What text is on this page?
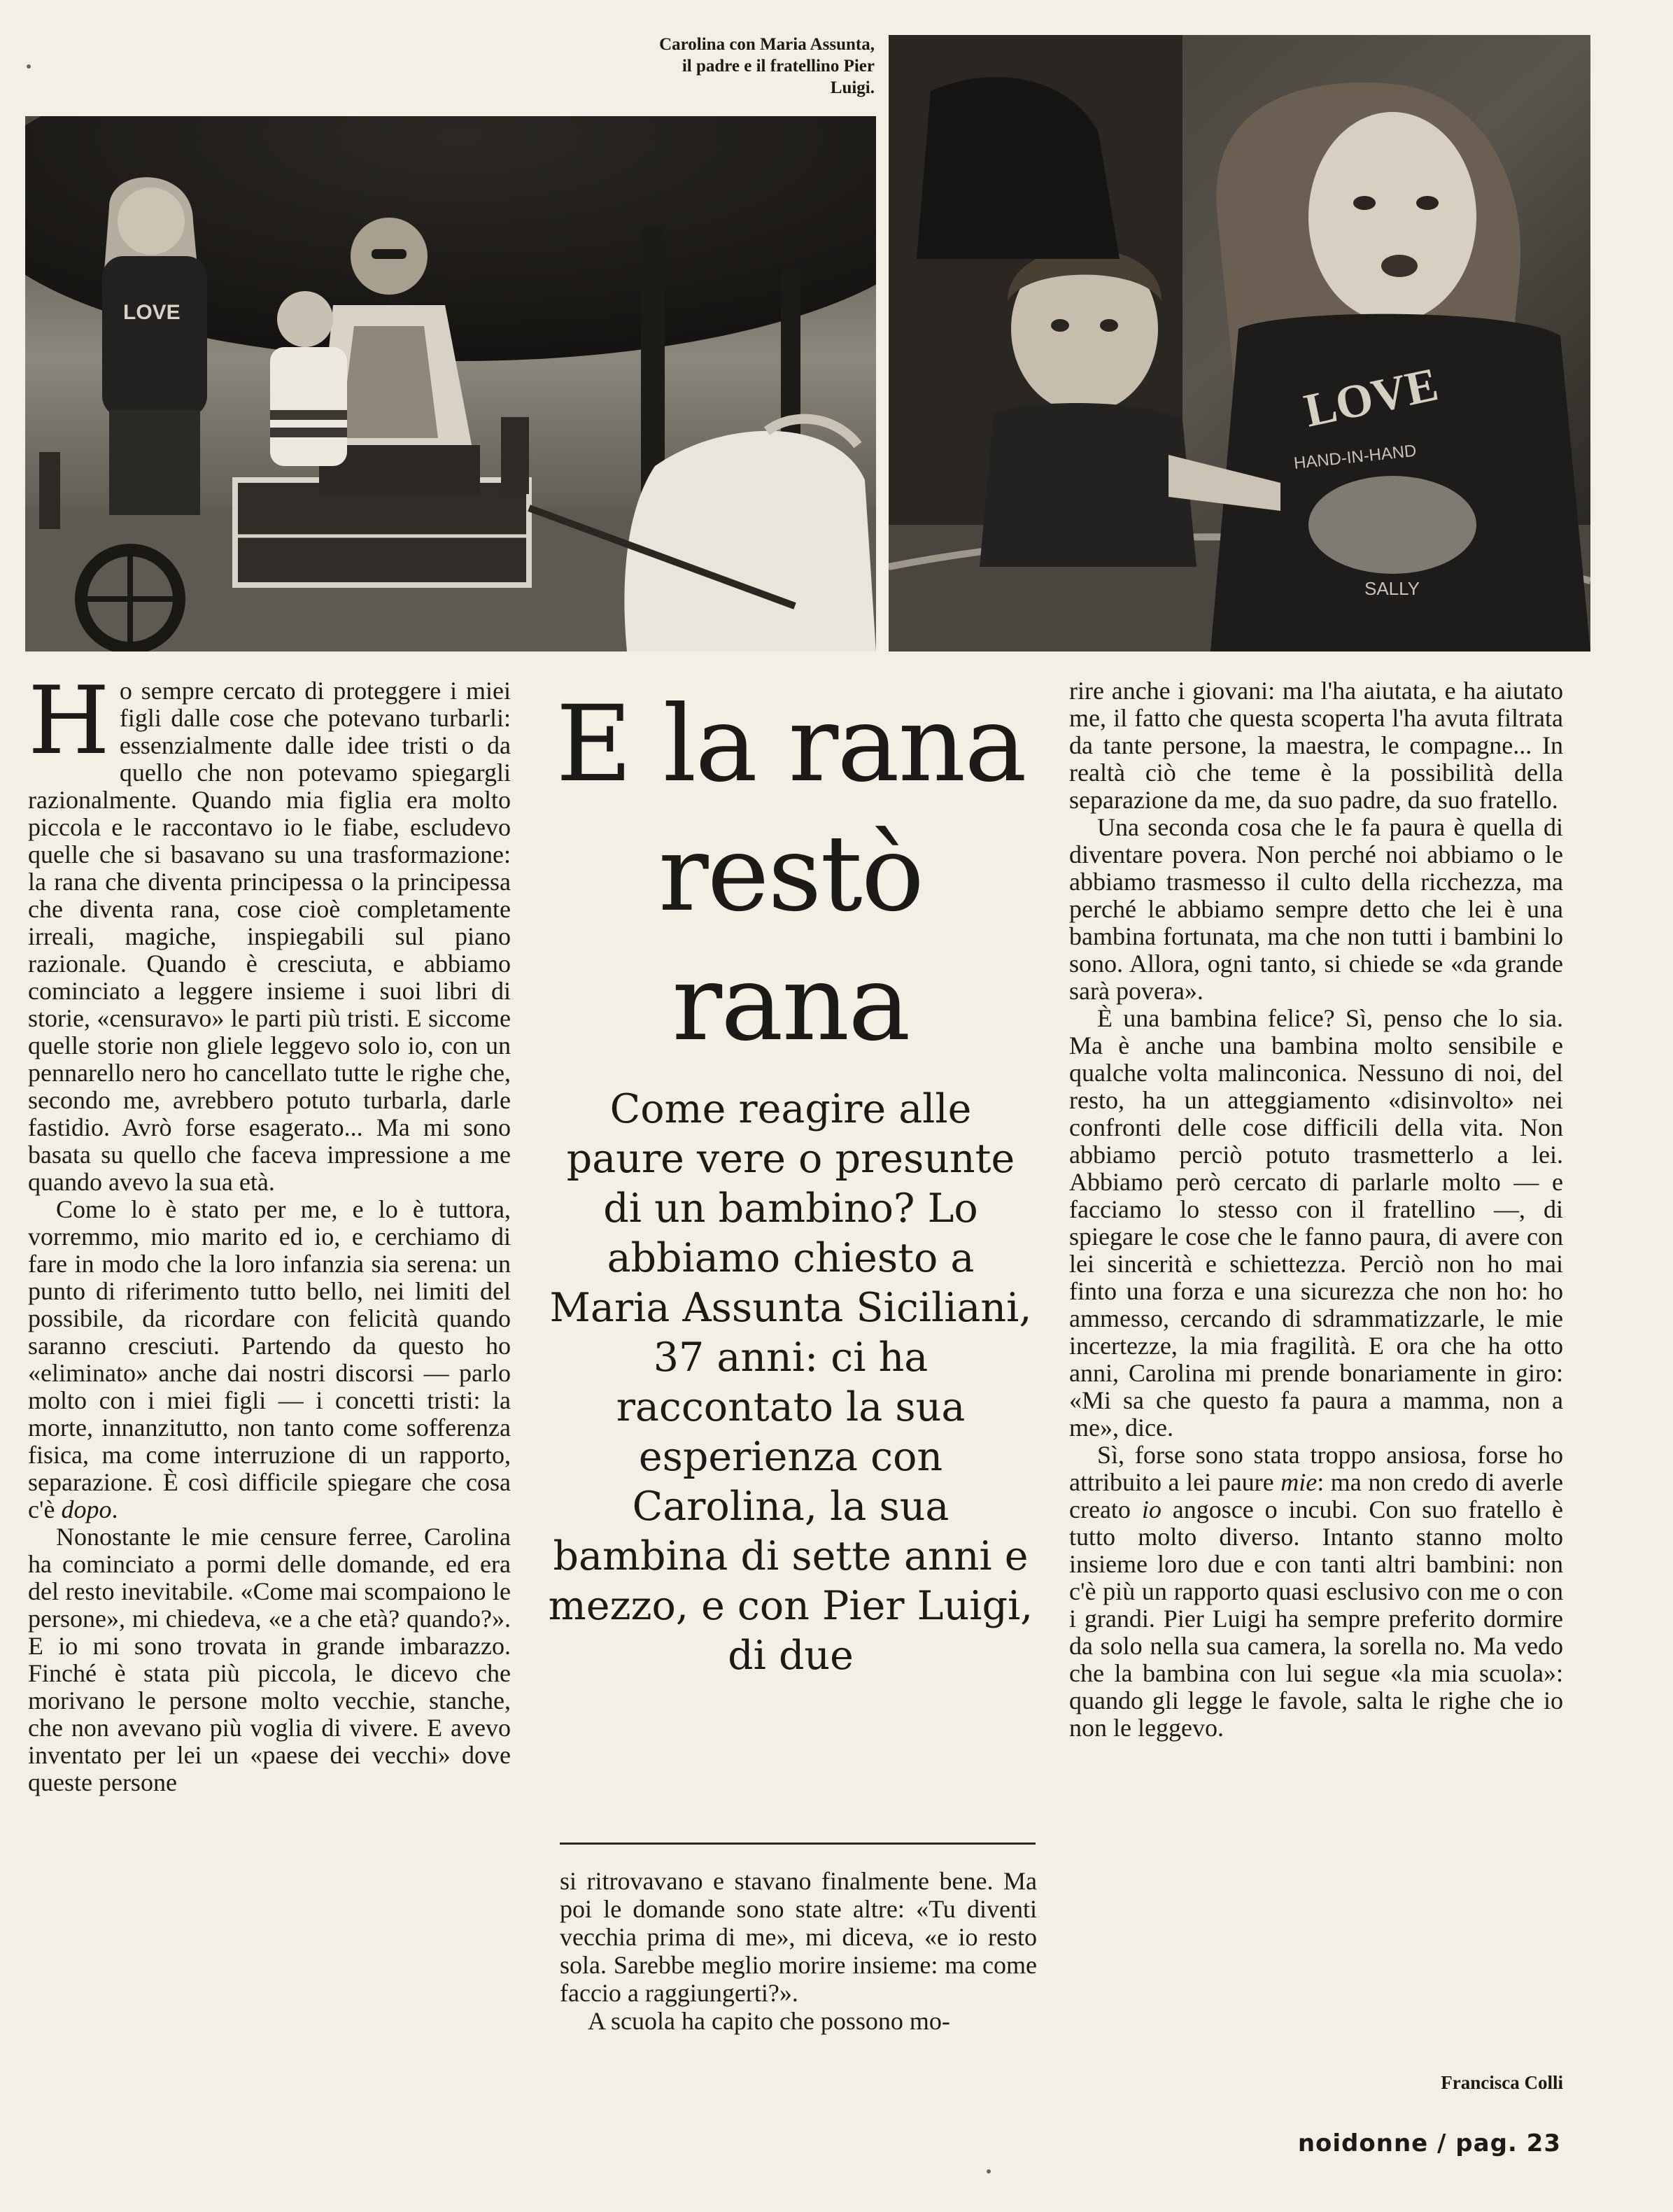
Carolina con Maria Assunta, il padre e il fratellino Pier Luigi.
LOVE
LOVE
HAND-IN-HAND
SALLY

Ho sempre cercato di proteggere i miei figli dalle cose che potevano turbarli: essenzialmente dalle idee tristi o da quello che non potevamo spiegargli razionalmente. Quando mia figlia era molto piccola e le raccontavo io le fiabe, escludevo quelle che si basavano su una trasformazione: la rana che diventa principessa o la principessa che diventa rana, cose cioè completamente irreali, magiche, inspiegabili sul piano razionale. Quando è cresciuta, e abbiamo cominciato a leggere insieme i suoi libri di storie, «censuravo» le parti più tristi. E siccome quelle storie non gliele leggevo solo io, con un pennarello nero ho cancellato tutte le righe che, secondo me, avrebbero potuto turbarla, darle fastidio. Avrò forse esagerato... Ma mi sono basata su quello che faceva impressione a me quando avevo la sua età.

Come lo è stato per me, e lo è tuttora, vorremmo, mio marito ed io, e cerchiamo di fare in modo che la loro infanzia sia serena: un punto di riferimento tutto bello, nei limiti del possibile, da ricordare con felicità quando saranno cresciuti. Partendo da questo ho «eliminato» anche dai nostri discorsi — parlo molto con i miei figli — i concetti tristi: la morte, innanzitutto, non tanto come sofferenza fisica, ma come interruzione di un rapporto, separazione. È così difficile spiegare che cosa c'è dopo.

Nonostante le mie censure ferree, Carolina ha cominciato a pormi delle domande, ed era del resto inevitabile. «Come mai scompaiono le persone», mi chiedeva, «e a che età? quando?». E io mi sono trovata in grande imbarazzo. Finché è stata più piccola, le dicevo che morivano le persone molto vecchie, stanche, che non avevano più voglia di vivere. E avevo inventato per lei un «paese dei vecchi» dove queste persone

E la rana restò rana
Come reagire alle paure vere o presunte di un bambino? Lo abbiamo chiesto a Maria Assunta Siciliani, 37 anni: ci ha raccontato la sua esperienza con Carolina, la sua bambina di sette anni e mezzo, e con Pier Luigi, di due

si ritrovavano e stavano finalmente bene. Ma poi le domande sono state altre: «Tu diventi vecchia prima di me», mi diceva, «e io resto sola. Sarebbe meglio morire insieme: ma come faccio a raggiungerti?».

A scuola ha capito che possono mo-

rire anche i giovani: ma l'ha aiutata, e ha aiutato me, il fatto che questa scoperta l'ha avuta filtrata da tante persone, la maestra, le compagne... In realtà ciò che teme è la possibilità della separazione da me, da suo padre, da suo fratello.

Una seconda cosa che le fa paura è quella di diventare povera. Non perché noi abbiamo o le abbiamo trasmesso il culto della ricchezza, ma perché le abbiamo sempre detto che lei è una bambina fortunata, ma che non tutti i bambini lo sono. Allora, ogni tanto, si chiede se «da grande sarà povera».

È una bambina felice? Sì, penso che lo sia. Ma è anche una bambina molto sensibile e qualche volta malinconica. Nessuno di noi, del resto, ha un atteggiamento «disinvolto» nei confronti delle cose difficili della vita. Non abbiamo perciò potuto trasmetterlo a lei. Abbiamo però cercato di parlarle molto — e facciamo lo stesso con il fratellino —, di spiegare le cose che le fanno paura, di avere con lei sincerità e schiettezza. Perciò non ho mai finto una forza e una sicurezza che non ho: ho ammesso, cercando di sdrammatizzarle, le mie incertezze, la mia fragilità. E ora che ha otto anni, Carolina mi prende bonariamente in giro: «Mi sa che questo fa paura a mamma, non a me», dice.

Sì, forse sono stata troppo ansiosa, forse ho attribuito a lei paure mie: ma non credo di averle creato io angosce o incubi. Con suo fratello è tutto molto diverso. Intanto stanno molto insieme loro due e con tanti altri bambini: non c'è più un rapporto quasi esclusivo con me o con i grandi. Pier Luigi ha sempre preferito dormire da solo nella sua camera, la sorella no. Ma vedo che la bambina con lui segue «la mia scuola»: quando gli legge le favole, salta le righe che io non le leggevo.

Francisca Colli
noidonne / pag. 23
